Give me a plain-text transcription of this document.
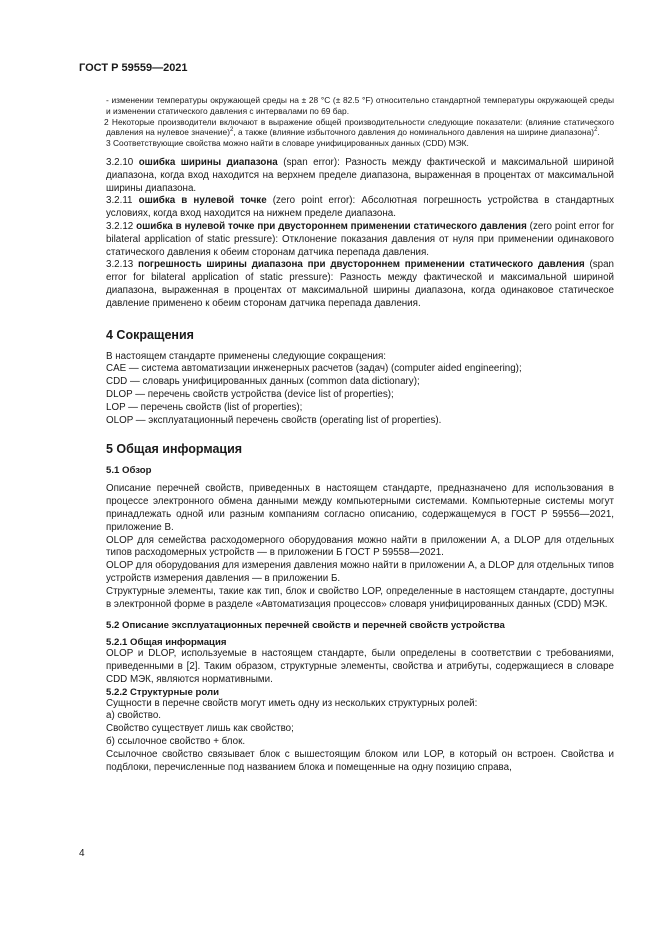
ГОСТ Р 59559—2021

- изменении температуры окружающей среды на ± 28 °С (± 82.5 °F) относительно стандартной температуры окружающей среды и изменении статического давления с интервалами по 69 бар.

2 Некоторые производители включают в выражение общей производительности следующие показатели: (влияние статического давления на нулевое значение)$^2$, а также (влияние избыточного давления до номинального давления на ширине диапазона)$^2$.

3 Соответствующие свойства можно найти в словаре унифицированных данных (CDD) МЭК.

3.2.10 ошибка ширины диапазона (span error): Разность между фактической и максимальной шириной диапазона, когда вход находится на верхнем пределе диапазона, выраженная в процентах от максимальной ширины диапазона.

3.2.11 ошибка в нулевой точке (zero point error): Абсолютная погрешность устройства в стандартных условиях, когда вход находится на нижнем пределе диапазона.

3.2.12 ошибка в нулевой точке при двустороннем применении статического давления (zero point error for bilateral application of static pressure): Отклонение показания давления от нуля при применении одинакового статического давления к обеим сторонам датчика перепада давления.

3.2.13 погрешность ширины диапазона при двустороннем применении статического давления (span error for bilateral application of static pressure): Разность между фактической и максимальной шириной диапазона, выраженная в процентах от максимальной ширины диапазона, когда одинаковое статическое давление применено к обеим сторонам датчика перепада давления.

4 Сокращения

В настоящем стандарте применены следующие сокращения:

CAE — система автоматизации инженерных расчетов (задач) (computer aided engineering);

CDD — словарь унифицированных данных (common data dictionary);

DLOP — перечень свойств устройства (device list of properties);

LOP — перечень свойств (list of properties);

OLOP — эксплуатационный перечень свойств (operating list of properties).

5 Общая информация

5.1 Обзор

Описание перечней свойств, приведенных в настоящем стандарте, предназначено для использования в процессе электронного обмена данными между компьютерными системами. Компьютерные системы могут принадлежать одной или разным компаниям согласно описанию, содержащемуся в ГОСТ Р 59556—2021, приложение В.

OLOP для семейства расходомерного оборудования можно найти в приложении А, а DLOP для отдельных типов расходомерных устройств — в приложении Б ГОСТ Р 59558—2021.

OLOP для оборудования для измерения давления можно найти в приложении А, а DLOP для отдельных типов устройств измерения давления — в приложении Б.

Структурные элементы, такие как тип, блок и свойство LOP, определенные в настоящем стандарте, доступны в электронной форме в разделе «Автоматизация процессов» словаря унифицированных данных (CDD) МЭК.

5.2 Описание эксплуатационных перечней свойств и перечней свойств устройства

5.2.1 Общая информация

OLOP и DLOP, используемые в настоящем стандарте, были определены в соответствии с требованиями, приведенными в [2]. Таким образом, структурные элементы, свойства и атрибуты, содержащиеся в словаре CDD МЭК, являются нормативными.

5.2.2 Структурные роли

Сущности в перечне свойств могут иметь одну из нескольких структурных ролей:

а) свойство.

Свойство существует лишь как свойство;

б) ссылочное свойство + блок.

Ссылочное свойство связывает блок с вышестоящим блоком или LOP, в который он встроен. Свойства и подблоки, перечисленные под названием блока и помещенные на одну позицию справа,

4
